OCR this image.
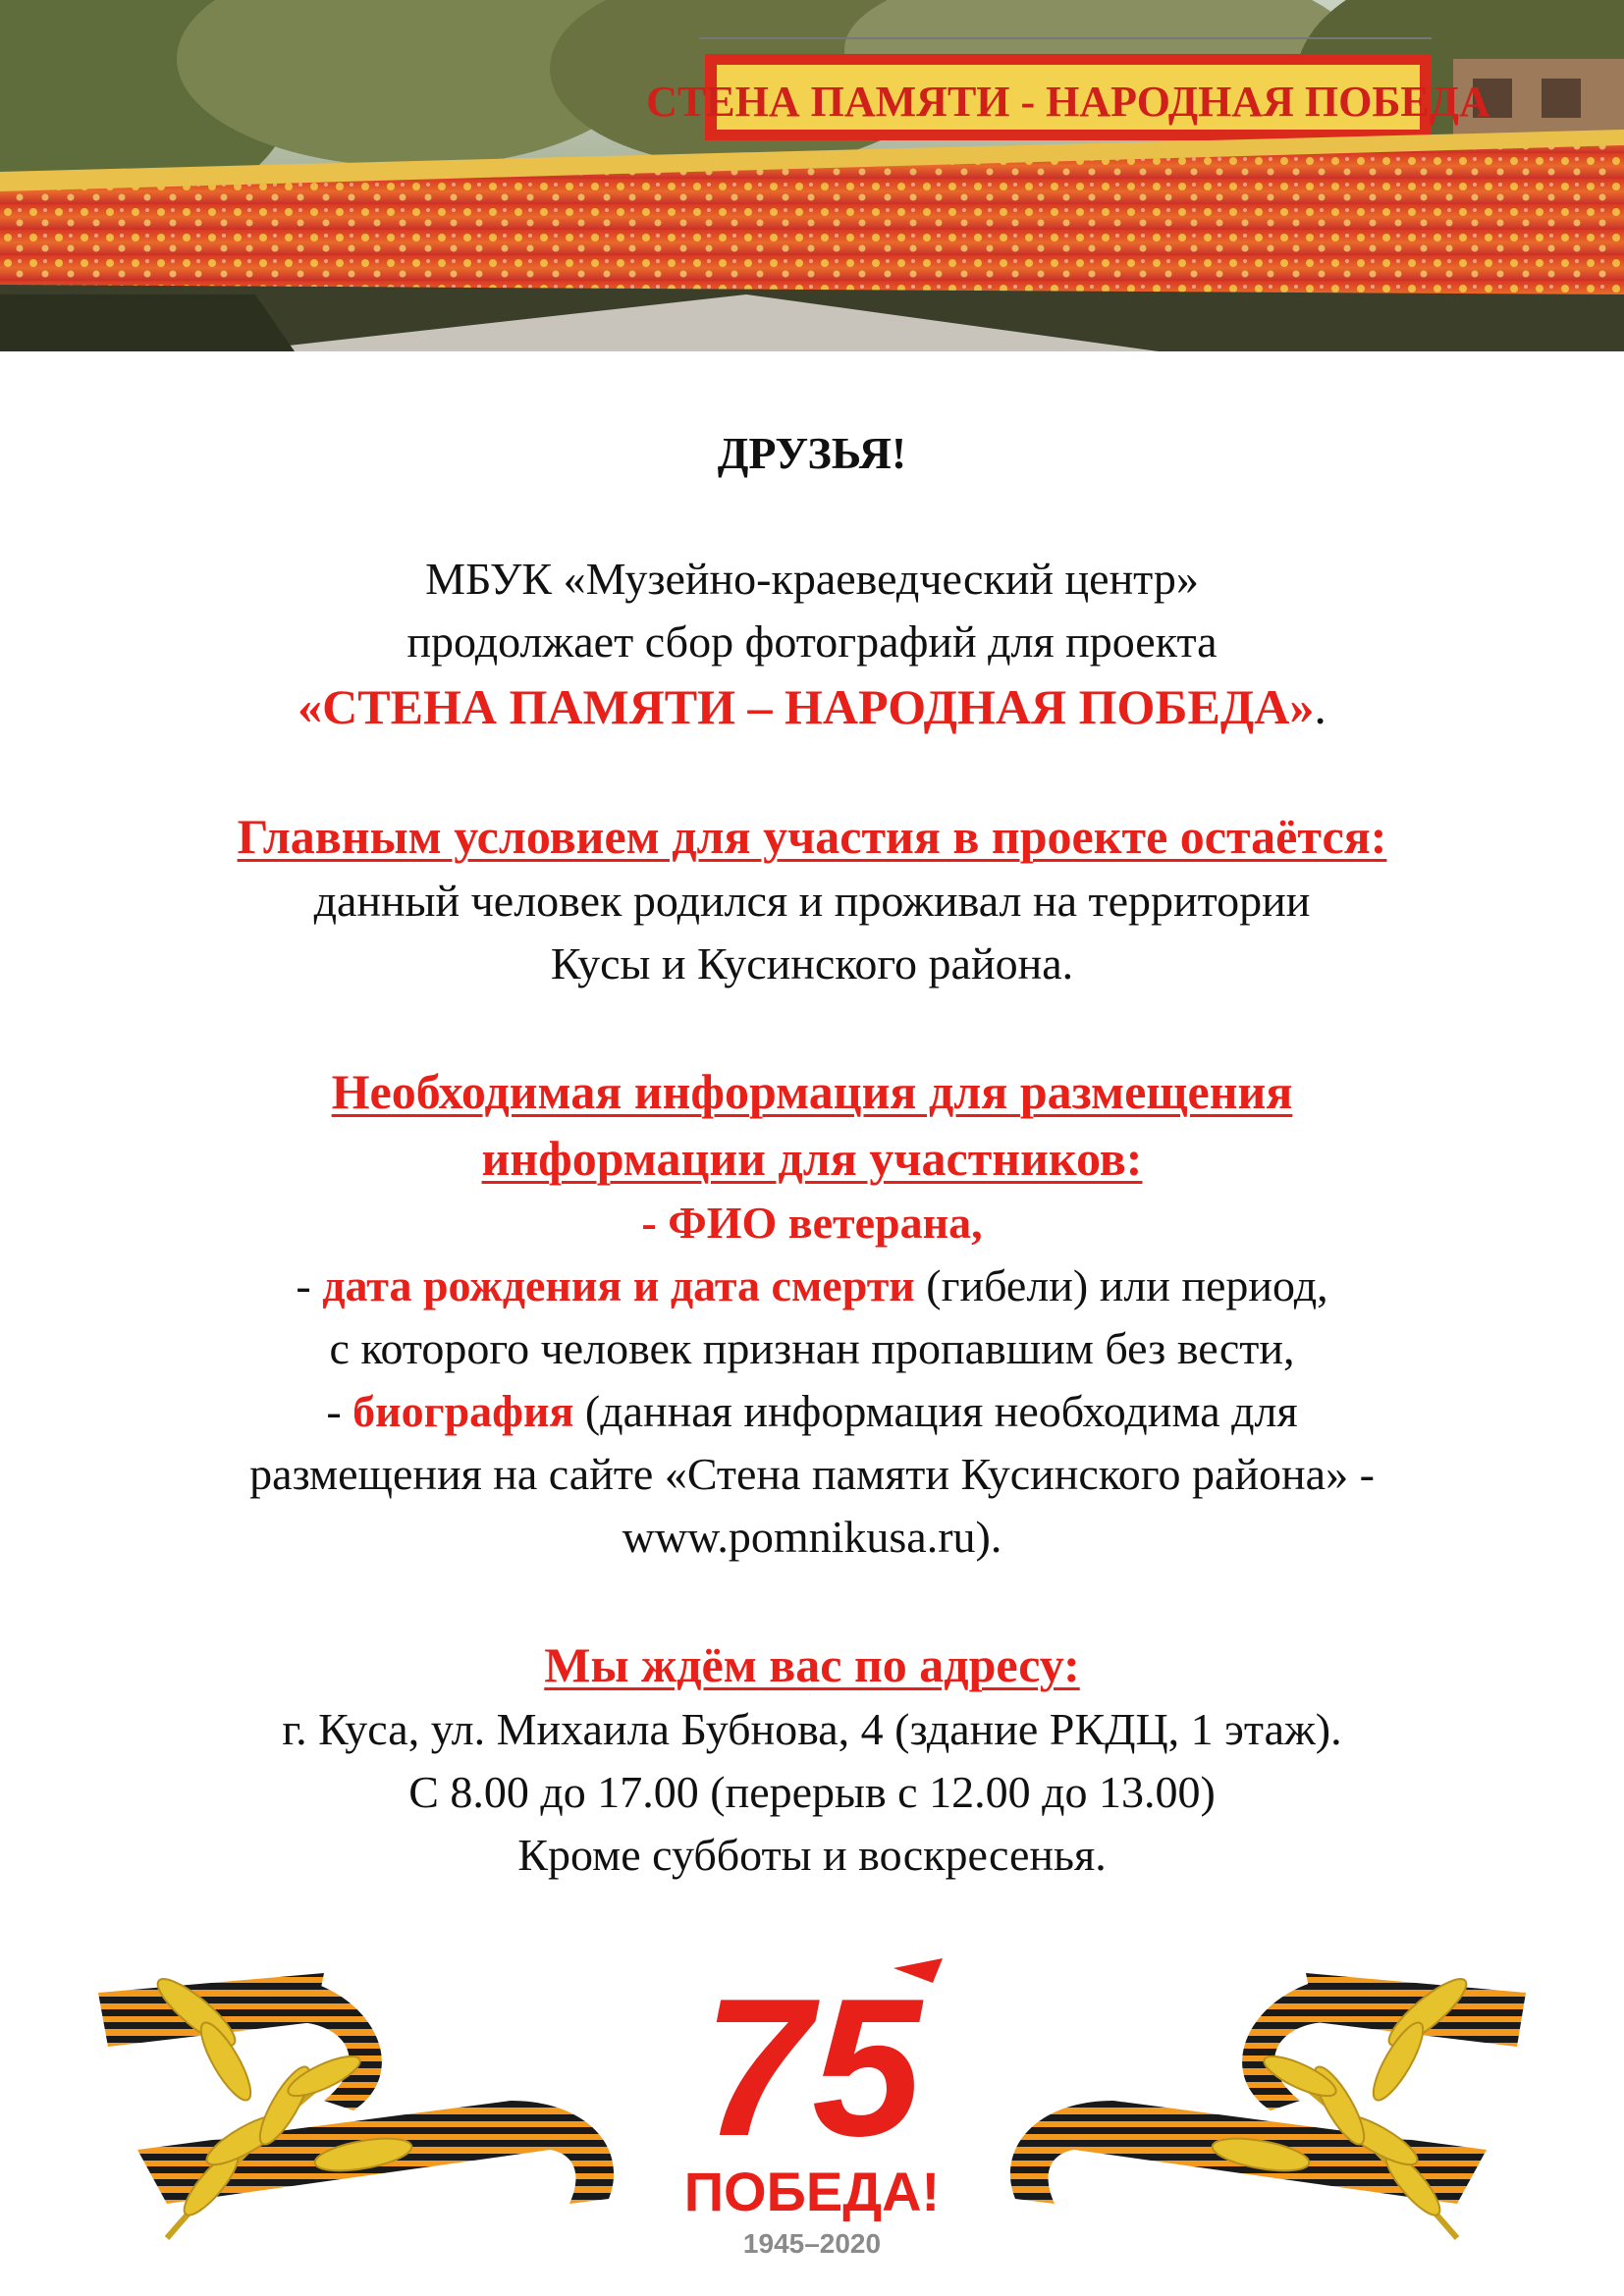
СТЕНА ПАМЯТИ - НАРОДНАЯ ПОБЕДА
ДРУЗЬЯ!
МБУК «Музейно-краеведческий центр»
продолжает сбор фотографий для проекта
«СТЕНА ПАМЯТИ – НАРОДНАЯ ПОБЕДА».
Главным условием для участия в проекте остаётся:
данный человек родился и проживал на территории
Кусы и Кусинского района.
Необходимая информация для размещения
информации для участников:
- ФИО ветерана,
- дата рождения и дата смерти (гибели) или период,
с которого человек признан пропавшим без вести,
- биография (данная информация необходима для
размещения на сайте «Стена памяти Кусинского района» -
www.pomnikusa.ru).
Мы ждём вас по адресу:
г. Куса, ул. Михаила Бубнова, 4 (здание РКДЦ, 1 этаж).
С 8.00 до 17.00 (перерыв с 12.00 до 13.00)
Кроме субботы и воскресенья.
75
ПОБЕДА!
1945–2020
